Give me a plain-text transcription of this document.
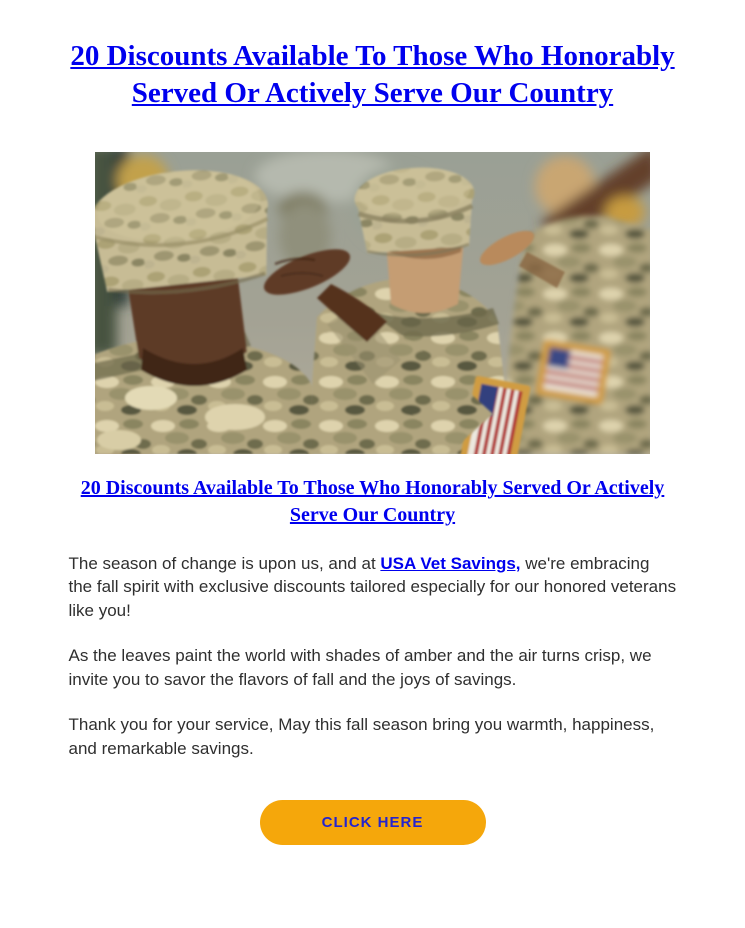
20 Discounts Available To Those Who Honorably Served Or Actively Serve Our Country
20 Discounts Available To Those Who Honorably Served Or Actively Serve Our Country

The season of change is upon us, and at USA Vet Savings, we're embracing the fall spirit with exclusive discounts tailored especially for our honored veterans like you!

As the leaves paint the world with shades of amber and the air turns crisp, we invite you to savor the flavors of fall and the joys of savings.

Thank you for your service, May this fall season bring you warmth, happiness, and remarkable savings.

CLICK HERE
